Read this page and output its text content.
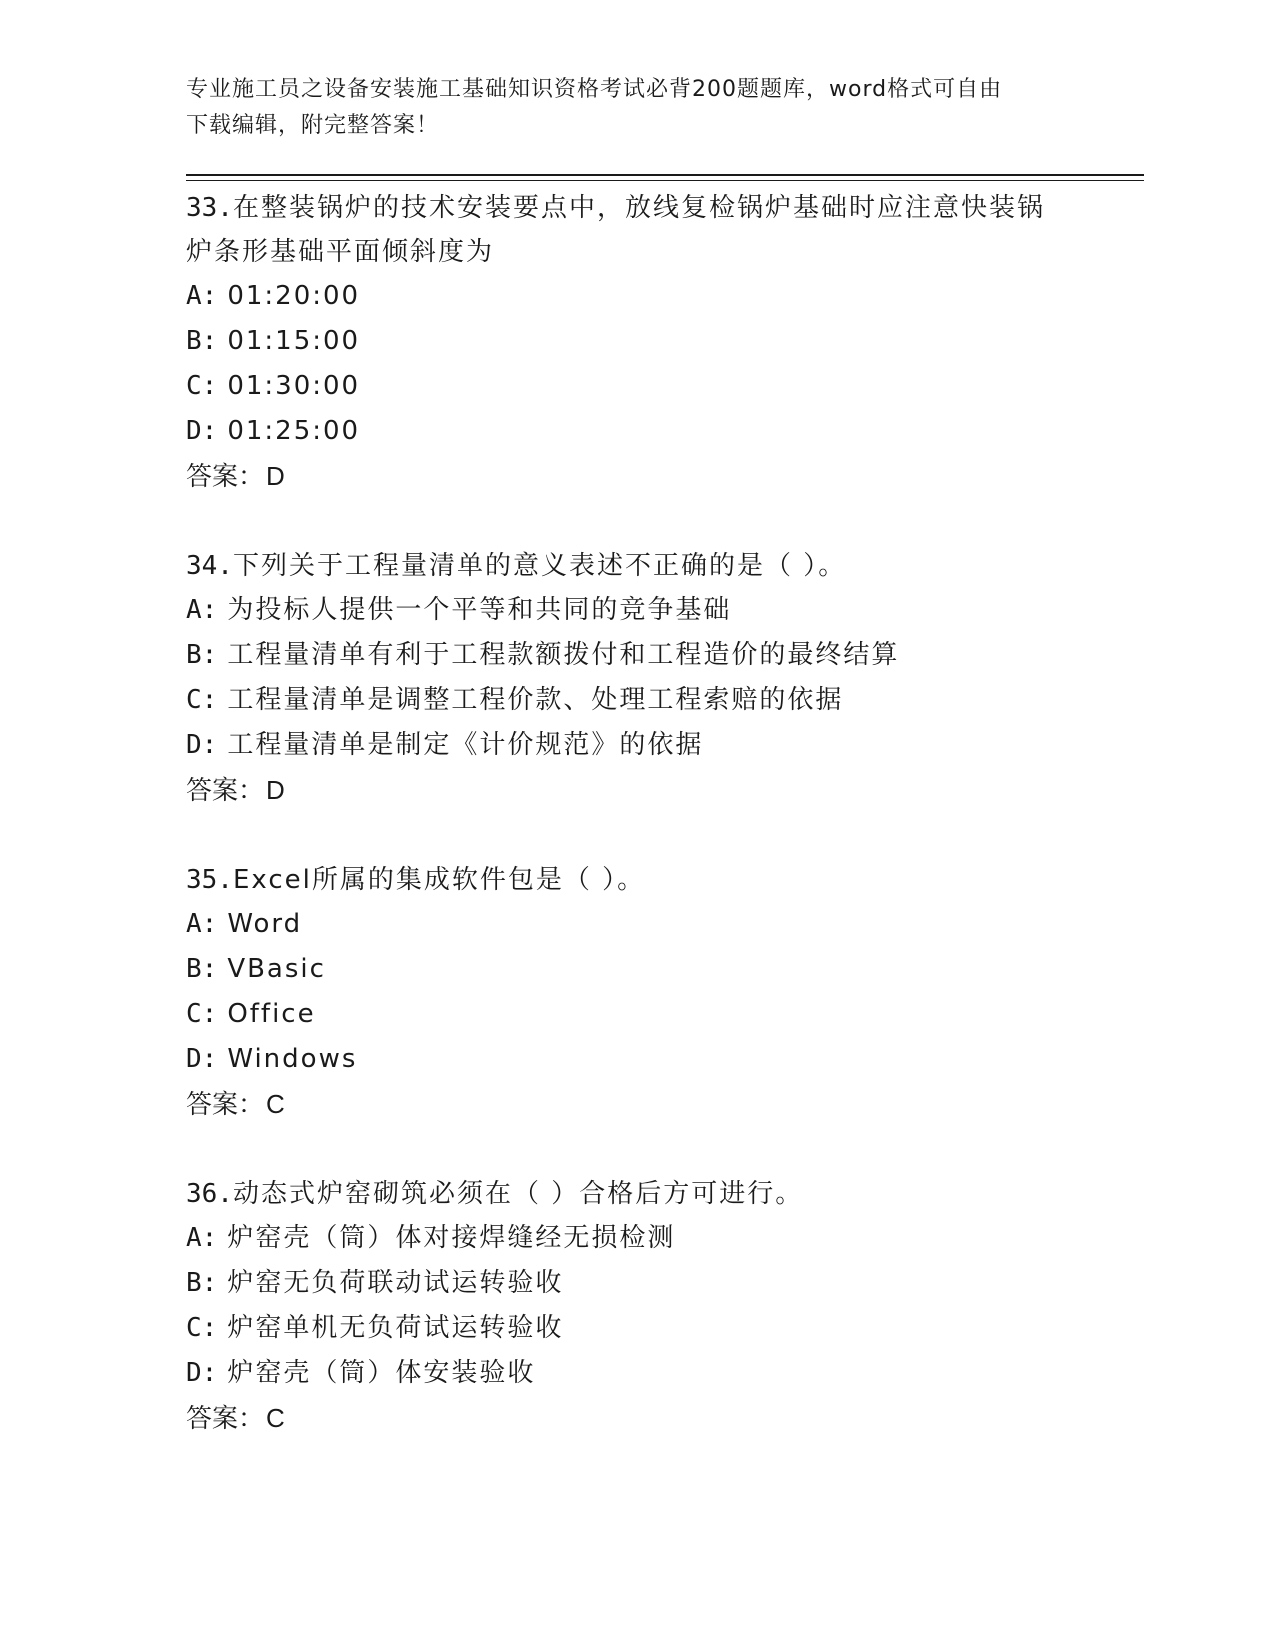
专业施工员之设备安装施工基础知识资格考试必背200题题库，word格式可自由
下载编辑，附完整答案！
33.在整装锅炉的技术安装要点中，放线复检锅炉基础时应注意快装锅
炉条形基础平面倾斜度为
A: 01:20:00
B: 01:15:00
C: 01:30:00
D: 01:25:00
答案：D
34.下列关于工程量清单的意义表述不正确的是（ ）。
A: 为投标人提供一个平等和共同的竞争基础
B: 工程量清单有利于工程款额拨付和工程造价的最终结算
C: 工程量清单是调整工程价款、处理工程索赔的依据
D: 工程量清单是制定《计价规范》的依据
答案：D
35.Excel所属的集成软件包是（ ）。
A: Word
B: VBasic
C: Office
D: Windows
答案：C
36.动态式炉窑砌筑必须在（ ）合格后方可进行。
A: 炉窑壳（筒）体对接焊缝经无损检测
B: 炉窑无负荷联动试运转验收
C: 炉窑单机无负荷试运转验收
D: 炉窑壳（筒）体安装验收
答案：C
